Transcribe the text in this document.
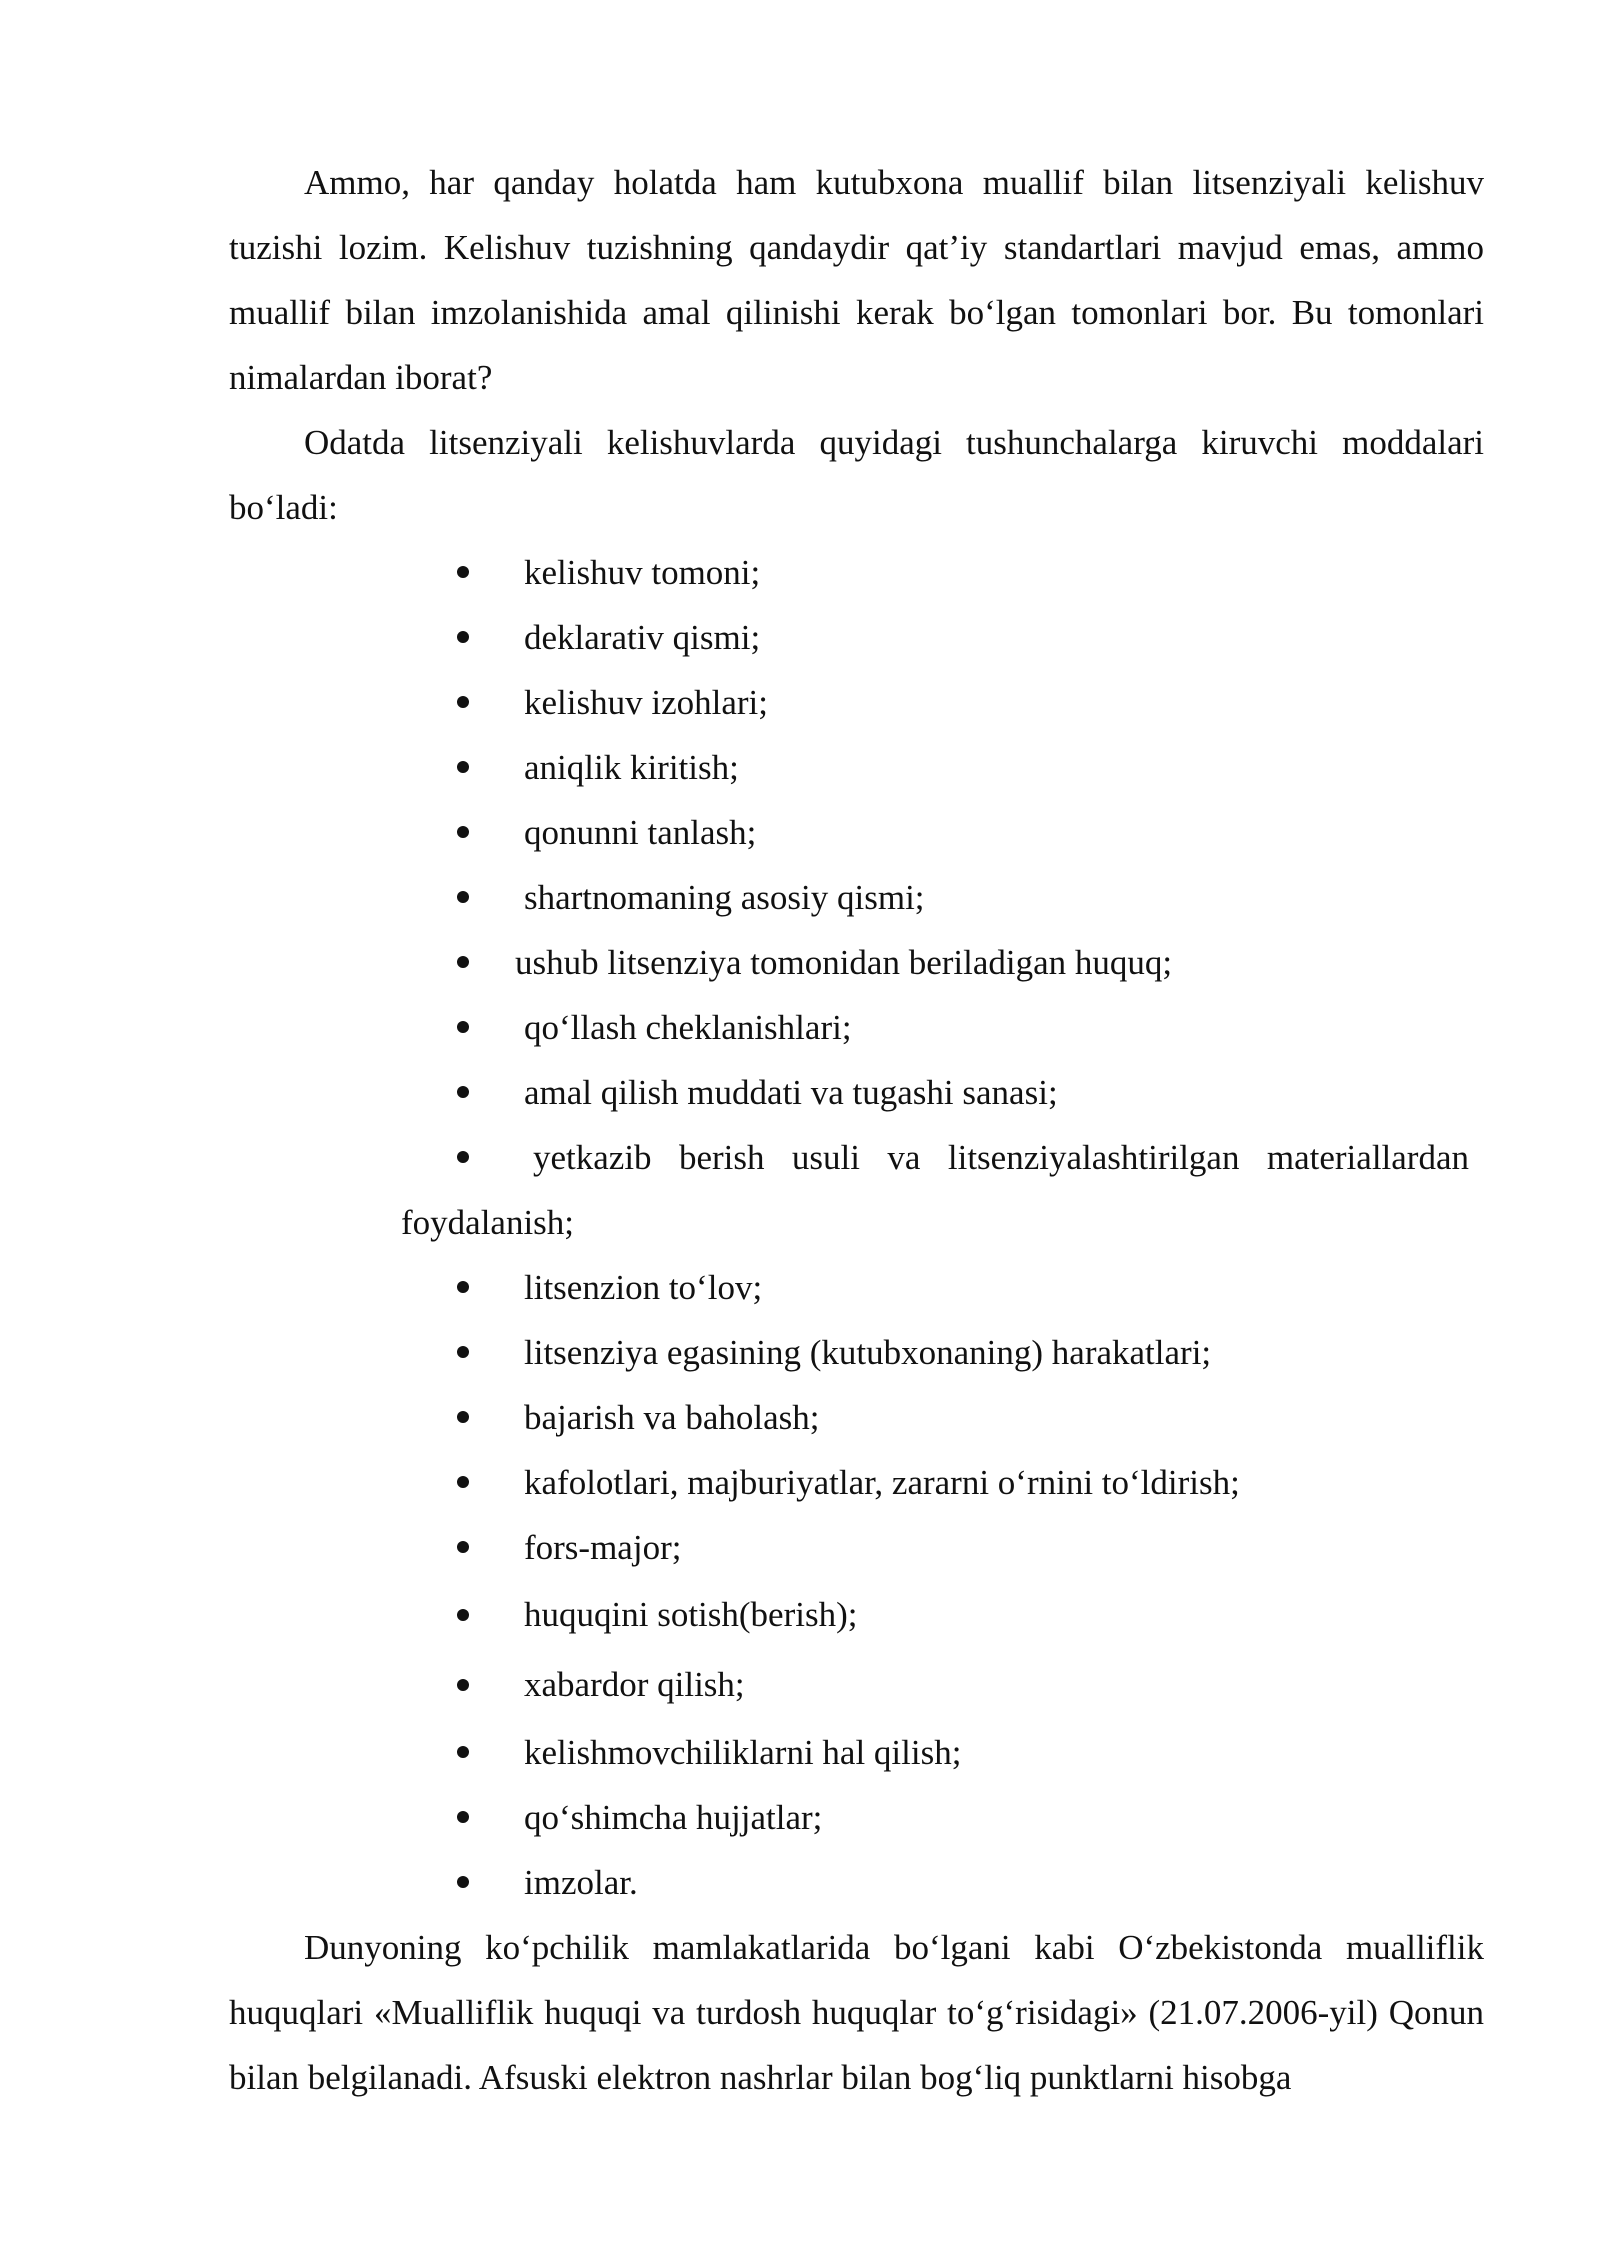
Ammo, har qanday holatda ham kutubxona muallif bilan litsenziyali kelishuv tuzishi lozim. Kelishuv tuzishning qandaydir qat’iy standartlari mavjud emas, ammo muallif bilan imzolanishida amal qilinishi kerak bo‘lgan tomonlari bor. Bu tomonlari nimalardan iborat?

Odatda litsenziyali kelishuvlarda quyidagi tushunchalarga kiruvchi moddalari bo‘ladi:

kelishuv tomoni;
deklarativ qismi;
kelishuv izohlari;
aniqlik kiritish;
qonunni tanlash;
shartnomaning asosiy qismi;
ushub litsenziya tomonidan beriladigan huquq;
qo‘llash cheklanishlari;
amal qilish muddati va tugashi sanasi;
yetkazib berish usuli va litsenziyalashtirilgan materiallardan foydalanish;
litsenzion to‘lov;
litsenziya egasining (kutubxonaning) harakatlari;
bajarish va baholash;
kafolotlari, majburiyatlar, zararni o‘rnini to‘ldirish;
fors-major;
huquqini sotish(berish);
xabardor qilish;
kelishmovchiliklarni hal qilish;
qo‘shimcha hujjatlar;
imzolar.

Dunyoning ko‘pchilik mamlakatlarida bo‘lgani kabi O‘zbekistonda mualliflik huquqlari «Mualliflik huquqi va turdosh huquqlar to‘g‘risidagi» (21.07.2006-yil) Qonun bilan belgilanadi. Afsuski elektron nashrlar bilan bog‘liq punktlarni hisobga
